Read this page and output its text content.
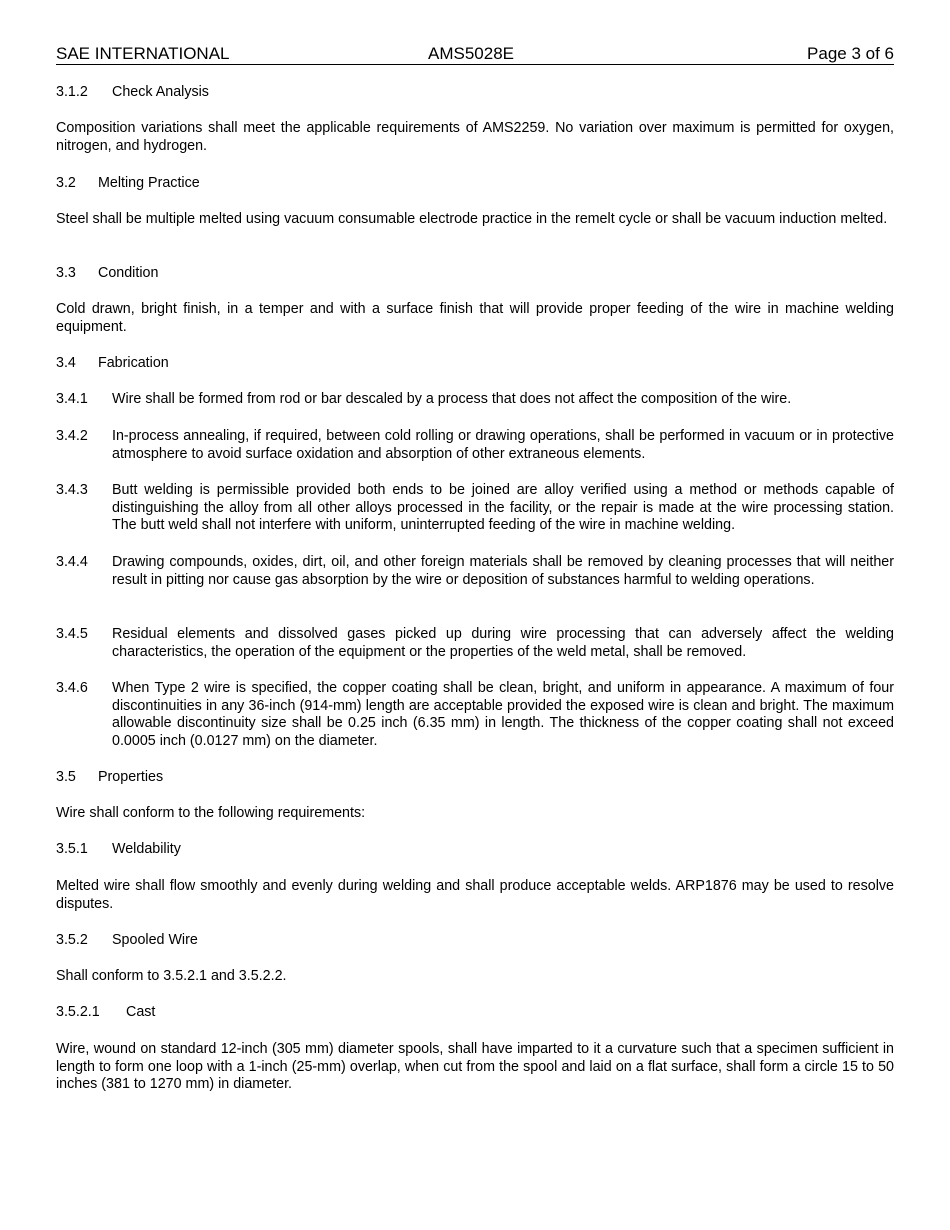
SAE INTERNATIONAL	AMS5028E	Page 3 of 6
3.1.2 Check Analysis
Composition variations shall meet the applicable requirements of AMS2259. No variation over maximum is permitted for oxygen, nitrogen, and hydrogen.
3.2 Melting Practice
Steel shall be multiple melted using vacuum consumable electrode practice in the remelt cycle or shall be vacuum induction melted.
3.3 Condition
Cold drawn, bright finish, in a temper and with a surface finish that will provide proper feeding of the wire in machine welding equipment.
3.4 Fabrication
3.4.1 Wire shall be formed from rod or bar descaled by a process that does not affect the composition of the wire.
3.4.2 In-process annealing, if required, between cold rolling or drawing operations, shall be performed in vacuum or in protective atmosphere to avoid surface oxidation and absorption of other extraneous elements.
3.4.3 Butt welding is permissible provided both ends to be joined are alloy verified using a method or methods capable of distinguishing the alloy from all other alloys processed in the facility, or the repair is made at the wire processing station. The butt weld shall not interfere with uniform, uninterrupted feeding of the wire in machine welding.
3.4.4 Drawing compounds, oxides, dirt, oil, and other foreign materials shall be removed by cleaning processes that will neither result in pitting nor cause gas absorption by the wire or deposition of substances harmful to welding operations.
3.4.5 Residual elements and dissolved gases picked up during wire processing that can adversely affect the welding characteristics, the operation of the equipment or the properties of the weld metal, shall be removed.
3.4.6 When Type 2 wire is specified, the copper coating shall be clean, bright, and uniform in appearance. A maximum of four discontinuities in any 36-inch (914-mm) length are acceptable provided the exposed wire is clean and bright. The maximum allowable discontinuity size shall be 0.25 inch (6.35 mm) in length. The thickness of the copper coating shall not exceed 0.0005 inch (0.0127 mm) on the diameter.
3.5 Properties
Wire shall conform to the following requirements:
3.5.1 Weldability
Melted wire shall flow smoothly and evenly during welding and shall produce acceptable welds. ARP1876 may be used to resolve disputes.
3.5.2 Spooled Wire
Shall conform to 3.5.2.1 and 3.5.2.2.
3.5.2.1 Cast
Wire, wound on standard 12-inch (305 mm) diameter spools, shall have imparted to it a curvature such that a specimen sufficient in length to form one loop with a 1-inch (25-mm) overlap, when cut from the spool and laid on a flat surface, shall form a circle 15 to 50 inches (381 to 1270 mm) in diameter.
